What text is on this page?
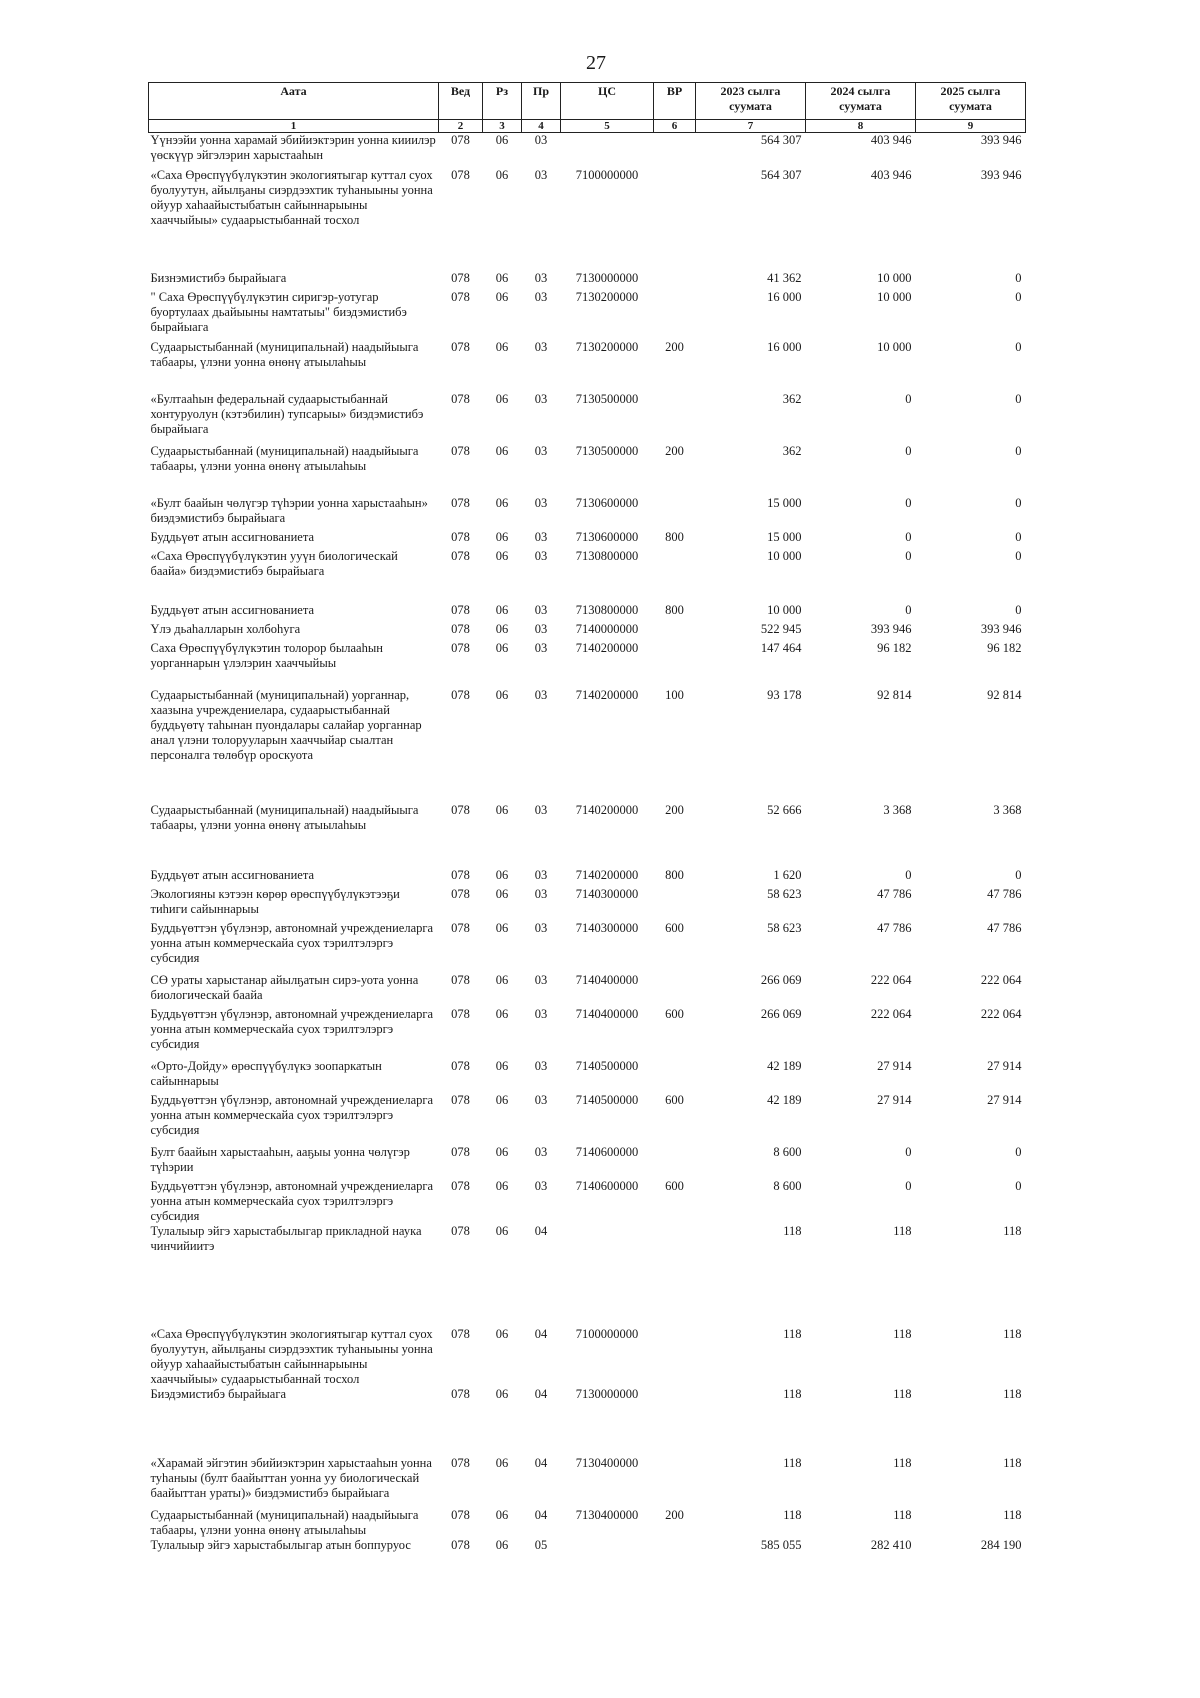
27
Аата	Вед	Рз	Пр	ЦС	ВР	2023 сылга суумата	2024 сылга суумата	2025 сылга суумата
1	2	3	4	5	6	7	8	9
Үүнээйи уонна харамай эбийиэктэрин уонна кииилэр үөскүүр эйгэлэрин харыстааһын	078	06	03			564 307	403 946	393 946
«Саха Өрөспүүбүлүкэтин экологиятыгар куттал суох буолуутун, айылҕаны сиэрдээхтик туһаныыны уонна ойуур хаһаайыстыбатын сайыннарыыны хааччыйыы» судаарыстыбаннай тосхол	078	06	03	7100000000		564 307	403 946	393 946
Бизнэмистибэ бырайыага	078	06	03	7130000000		41 362	10 000	0
" Саха Өрөспүүбүлүкэтин сиригэр-уотугар буортулаах дьайыыны намтатыы" биэдэмистибэ бырайыага	078	06	03	7130200000		16 000	10 000	0
Судаарыстыбаннай (муниципальнай) наадыйыыга табаары, үлэни уонна өнөнү атыылаһыы	078	06	03	7130200000	200	16 000	10 000	0
«Бултааһын федеральнай судаарыстыбаннай хонтуруолун (кэтэбилин) тупсарыы» биэдэмистибэ бырайыага	078	06	03	7130500000		362	0	0
Судаарыстыбаннай (муниципальнай) наадыйыыга табаары, үлэни уонна өнөнү атыылаһыы	078	06	03	7130500000	200	362	0	0
«Булт баайын чөлүгэр түһэрии уонна харыстааһын» биэдэмистибэ бырайыага	078	06	03	7130600000		15 000	0	0
Буддьүөт атын ассигнованиета	078	06	03	7130600000	800	15 000	0	0
«Саха Өрөспүүбүлүкэтин ууүн биологическай баайа» биэдэмистибэ бырайыага	078	06	03	7130800000		10 000	0	0
Буддьүөт атын ассигнованиета	078	06	03	7130800000	800	10 000	0	0
Үлэ дьаһалларын холбоһуга	078	06	03	7140000000		522 945	393 946	393 946
Саха Өрөспүүбүлүкэтин толорор былааһын уорганнарын үлэлэрин хааччыйыы	078	06	03	7140200000		147 464	96 182	96 182
Судаарыстыбаннай (муниципальнай) уорганнар, хаазына учреждениелара, судаарыстыбаннай буддьүөтү таһынан пуондалары салайар уорганнар анал үлэни толорууларын хааччыйар сыалтан персоналга төлөбүр ороскуота	078	06	03	7140200000	100	93 178	92 814	92 814
Судаарыстыбаннай (муниципальнай) наадыйыыга табаары, үлэни уонна өнөнү атыылаһыы	078	06	03	7140200000	200	52 666	3 368	3 368
Буддьүөт атын ассигнованиета	078	06	03	7140200000	800	1 620	0	0
Экологияны кэтээн көрөр өрөспүүбүлүкэтээҕи тиһиги сайыннарыы	078	06	03	7140300000		58 623	47 786	47 786
Буддьүөттэн үбүлэнэр, автономнай учреждениеларга уонна атын коммерческайа суох тэрилтэлэргэ субсидия	078	06	03	7140300000	600	58 623	47 786	47 786
СӨ ураты харыстанар айылҕатын сирэ-уота уонна биологическай баайа	078	06	03	7140400000		266 069	222 064	222 064
Буддьүөттэн үбүлэнэр, автономнай учреждениеларга уонна атын коммерческайа суох тэрилтэлэргэ субсидия	078	06	03	7140400000	600	266 069	222 064	222 064
«Орто-Дойду» өрөспүүбүлүкэ зоопаркатын сайыннарыы	078	06	03	7140500000		42 189	27 914	27 914
Буддьүөттэн үбүлэнэр, автономнай учреждениеларга уонна атын коммерческайа суох тэрилтэлэргэ субсидия	078	06	03	7140500000	600	42 189	27 914	27 914
Булт баайын харыстааһын, ааҕыы уонна чөлүгэр түһэрии	078	06	03	7140600000		8 600	0	0
Буддьүөттэн үбүлэнэр, автономнай учреждениеларга уонна атын коммерческайа суох тэрилтэлэргэ субсидия	078	06	03	7140600000	600	8 600	0	0
Тулалыыр эйгэ харыстабылыгар прикладной наука чинчийиитэ	078	06	04			118	118	118
«Саха Өрөспүүбүлүкэтин экологиятыгар куттал суох буолуутун, айылҕаны сиэрдээхтик туһаныыны уонна ойуур хаһаайыстыбатын сайыннарыыны хааччыйыы» судаарыстыбаннай тосхол	078	06	04	7100000000		118	118	118
Биэдэмистибэ бырайыага	078	06	04	7130000000		118	118	118
«Харамай эйгэтин эбийиэктэрин харыстааһын уонна туһаныы (булт баайыттан уонна уу биологическай баайыттан ураты)» биэдэмистибэ бырайыага	078	06	04	7130400000		118	118	118
Судаарыстыбаннай (муниципальнай) наадыйыыга табаары, үлэни уонна өнөнү атыылаһыы	078	06	04	7130400000	200	118	118	118
Тулалыыр эйгэ харыстабылыгар атын боппуруос	078	06	05			585 055	282 410	284 190
